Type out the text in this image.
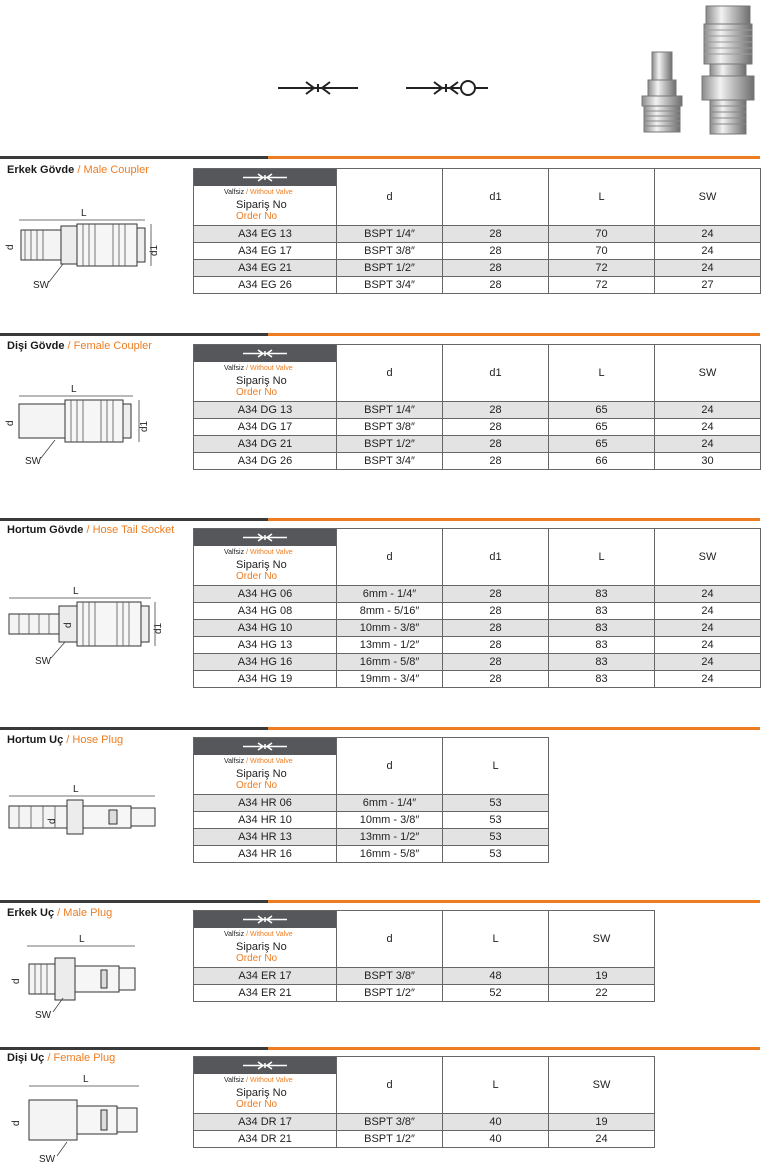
Erkek Gövde / Male Coupler
L
d	d1
SW
Valfsiz / Without Valve
Sipariş No
Order No	d	d1	L	SW
A34 EG 13	BSPT 1/4″	28	70	24
A34 EG 17	BSPT 3/8″	28	70	24
A34 EG 21	BSPT 1/2″	28	72	24
A34 EG 26	BSPT 3/4″	28	72	27
Dişi Gövde / Female Coupler
L
d	d1
SW
Valfsiz / Without Valve
Sipariş No
Order No	d	d1	L	SW
A34 DG 13	BSPT 1/4″	28	65	24
A34 DG 17	BSPT 3/8″	28	65	24
A34 DG 21	BSPT 1/2″	28	65	24
A34 DG 26	BSPT 3/4″	28	66	30
Hortum Gövde / Hose Tail Socket
L
d	d1
SW
Valfsiz / Without Valve
Sipariş No
Order No	d	d1	L	SW
A34 HG 06	6mm - 1/4″	28	83	24
A34 HG 08	8mm - 5/16″	28	83	24
A34 HG 10	10mm - 3/8″	28	83	24
A34 HG 13	13mm - 1/2″	28	83	24
A34 HG 16	16mm - 5/8″	28	83	24
A34 HG 19	19mm - 3/4″	28	83	24
Hortum Uç / Hose Plug
L
d
Valfsiz / Without Valve
Sipariş No
Order No	d	L
A34 HR 06	6mm - 1/4″	53
A34 HR 10	10mm - 3/8″	53
A34 HR 13	13mm - 1/2″	53
A34 HR 16	16mm - 5/8″	53
Erkek Uç / Male Plug
L
d
SW
Valfsiz / Without Valve
Sipariş No
Order No	d	L	SW
A34 ER 17	BSPT 3/8″	48	19
A34 ER 21	BSPT 1/2″	52	22
Dişi Uç / Female Plug
L
d
SW
Valfsiz / Without Valve
Sipariş No
Order No	d	L	SW
A34 DR 17	BSPT 3/8″	40	19
A34 DR 21	BSPT 1/2″	40	24
